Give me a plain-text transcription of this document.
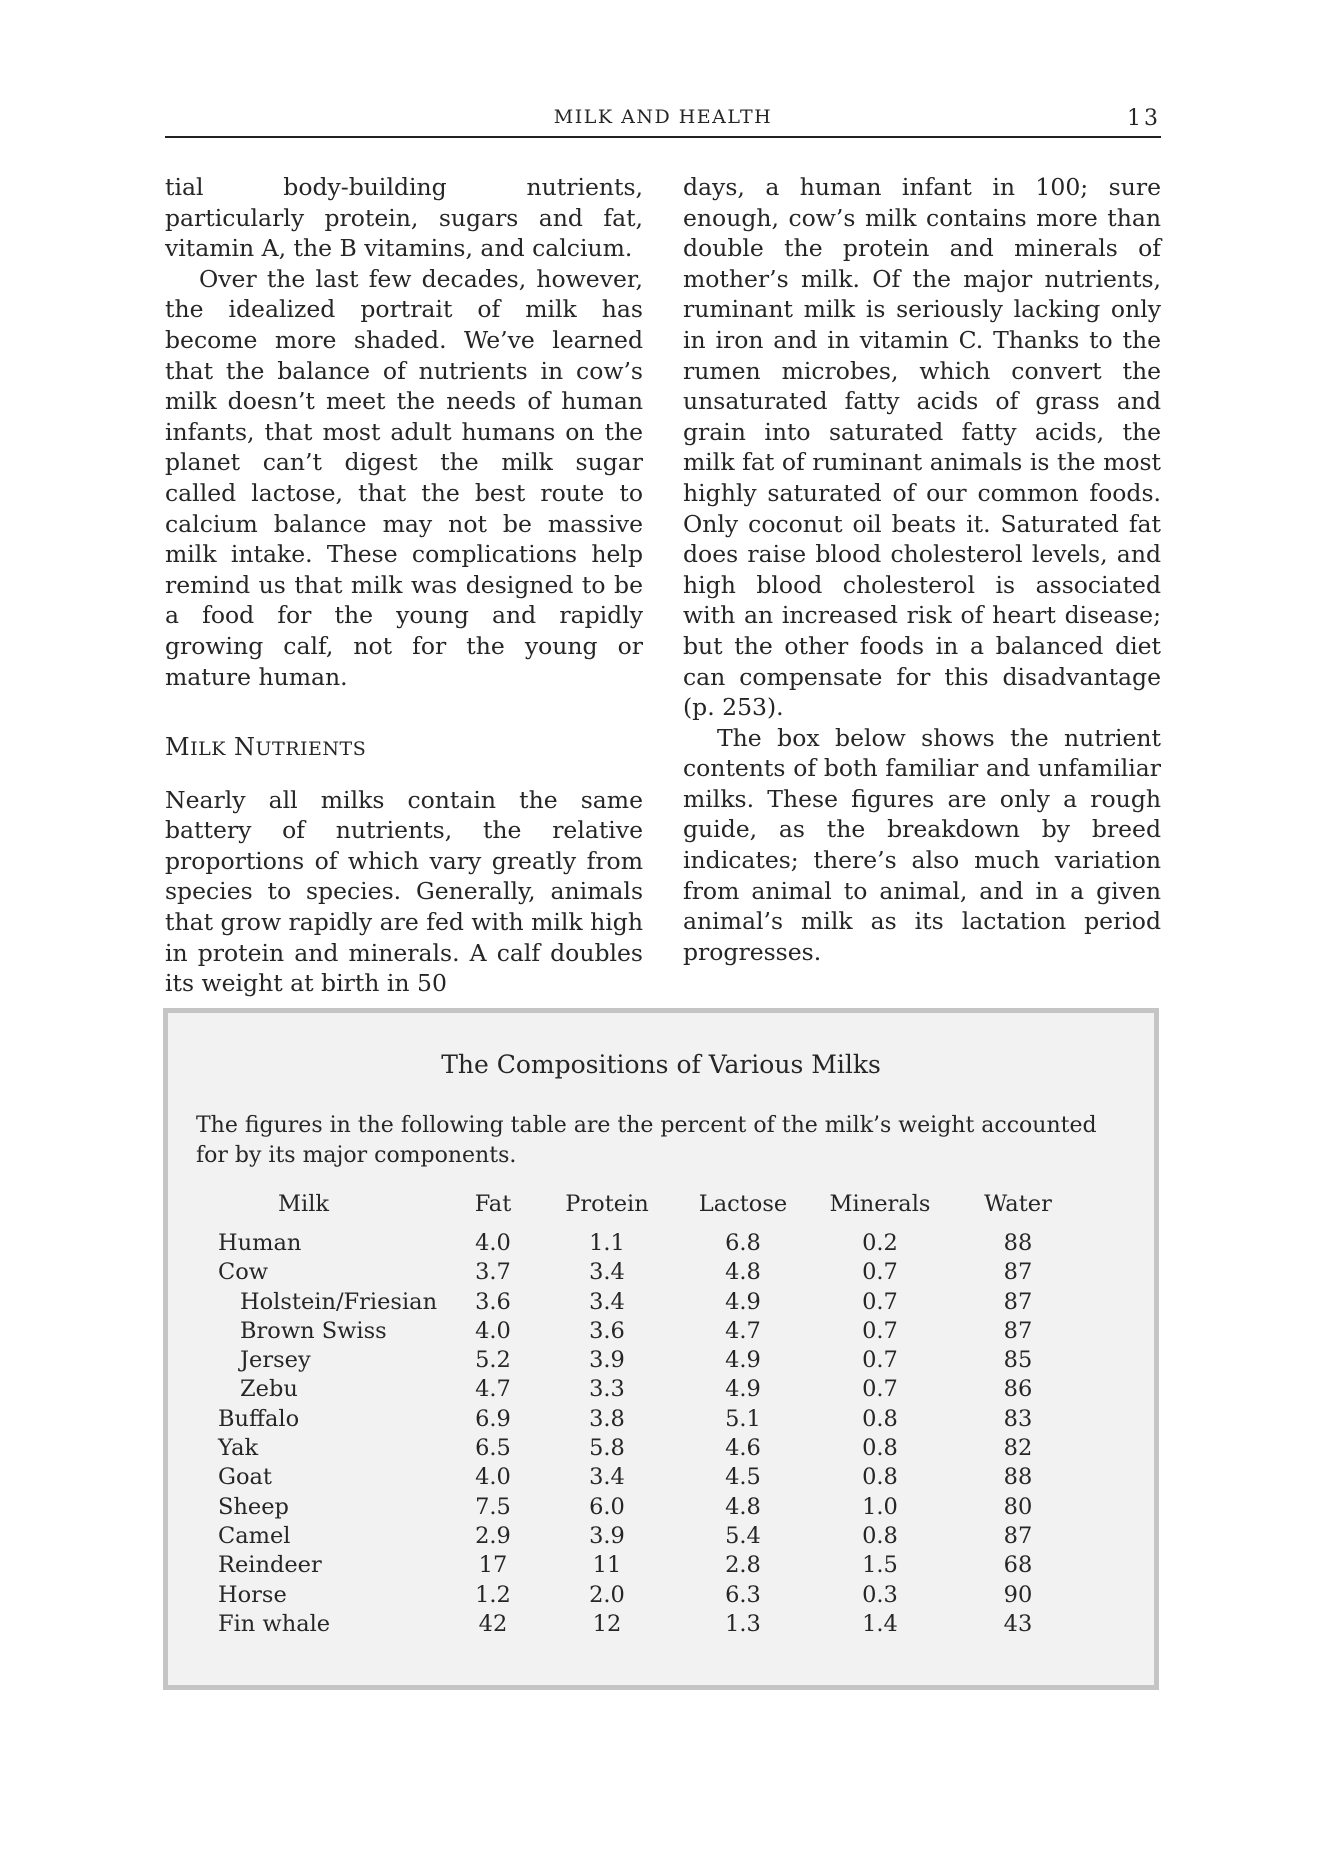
MILK AND HEALTH	13

tial body-building nutrients, particularly protein, sugars and fat, vitamin A, the B vitamins, and calcium.

Over the last few decades, however, the idealized portrait of milk has become more shaded. We’ve learned that the balance of nutrients in cow’s milk doesn’t meet the needs of human infants, that most adult humans on the planet can’t digest the milk sugar called lactose, that the best route to calcium balance may not be massive milk intake. These complications help remind us that milk was designed to be a food for the young and rapidly growing calf, not for the young or mature human.

MILK NUTRIENTS

Nearly all milks contain the same battery of nutrients, the relative proportions of which vary greatly from species to species. Generally, animals that grow rapidly are fed with milk high in protein and minerals. A calf doubles its weight at birth in 50

days, a human infant in 100; sure enough, cow’s milk contains more than double the protein and minerals of mother’s milk. Of the major nutrients, ruminant milk is seriously lacking only in iron and in vitamin C. Thanks to the rumen microbes, which convert the unsaturated fatty acids of grass and grain into saturated fatty acids, the milk fat of ruminant animals is the most highly saturated of our common foods. Only coconut oil beats it. Saturated fat does raise blood cholesterol levels, and high blood cholesterol is associated with an increased risk of heart disease; but the other foods in a balanced diet can compensate for this disadvantage (p. 253).

The box below shows the nutrient contents of both familiar and unfamiliar milks. These figures are only a rough guide, as the breakdown by breed indicates; there’s also much variation from animal to animal, and in a given animal’s milk as its lactation period progresses.

The Compositions of Various Milks
The figures in the following table are the percent of the milk’s weight accounted for by its major components.
Milk	Fat	Protein	Lactose	Minerals	Water
Human	4.0	1.1	6.8	0.2	88
Cow	3.7	3.4	4.8	0.7	87
Holstein/Friesian	3.6	3.4	4.9	0.7	87
Brown Swiss	4.0	3.6	4.7	0.7	87
Jersey	5.2	3.9	4.9	0.7	85
Zebu	4.7	3.3	4.9	0.7	86
Buffalo	6.9	3.8	5.1	0.8	83
Yak	6.5	5.8	4.6	0.8	82
Goat	4.0	3.4	4.5	0.8	88
Sheep	7.5	6.0	4.8	1.0	80
Camel	2.9	3.9	5.4	0.8	87
Reindeer	17	11	2.8	1.5	68
Horse	1.2	2.0	6.3	0.3	90
Fin whale	42	12	1.3	1.4	43
